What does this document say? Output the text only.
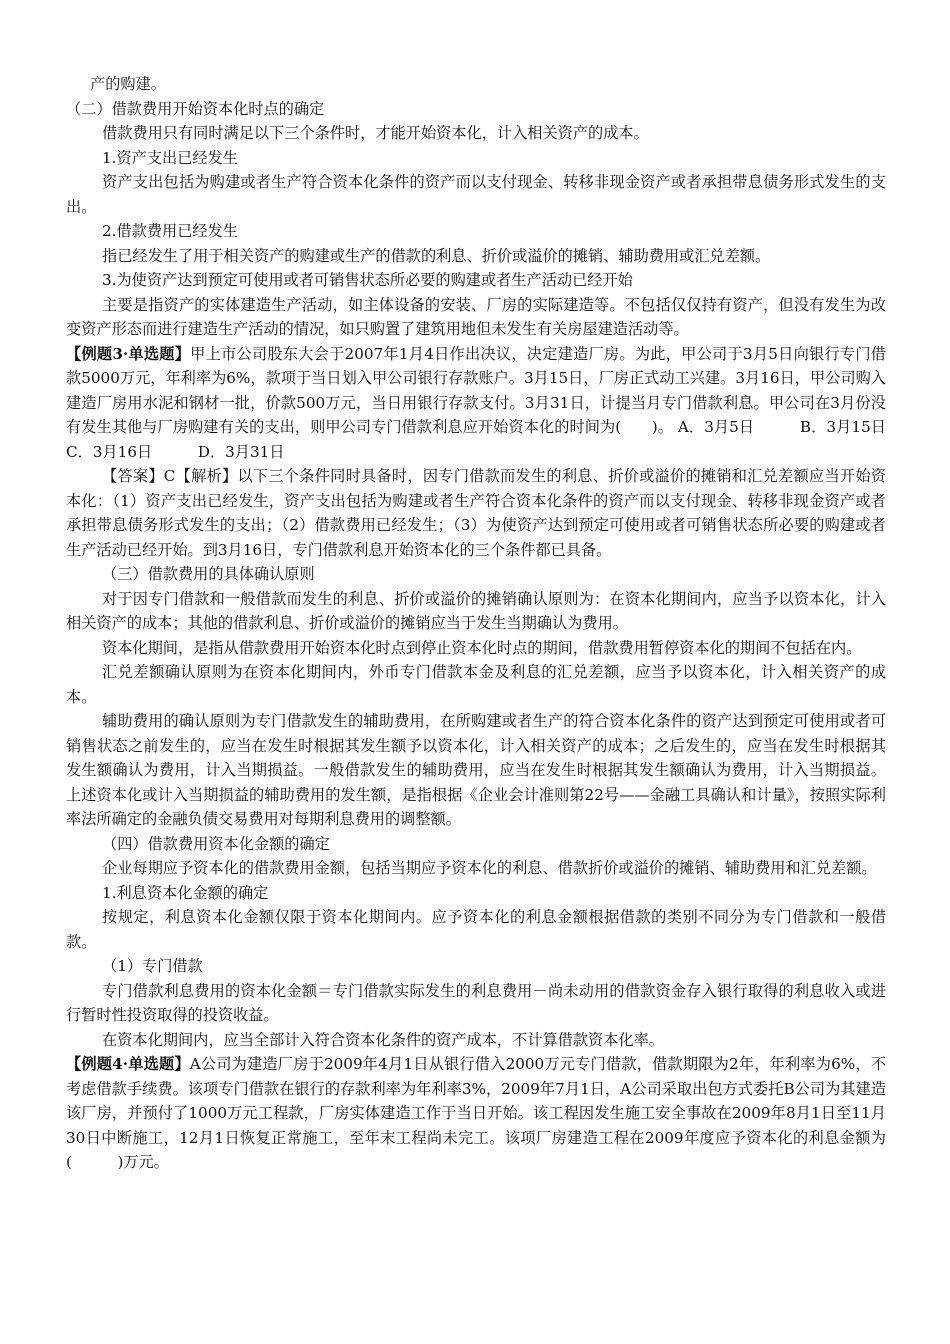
产的购建。

（二）借款费用开始资本化时点的确定

借款费用只有同时满足以下三个条件时，才能开始资本化，计入相关资产的成本。

1.资产支出已经发生

资产支出包括为购建或者生产符合资本化条件的资产而以支付现金、转移非现金资产或者承担带息债务形式发生的支出。

2.借款费用已经发生

指已经发生了用于相关资产的购建或生产的借款的利息、折价或溢价的摊销、辅助费用或汇兑差额。

3.为使资产达到预定可使用或者可销售状态所必要的购建或者生产活动已经开始

主要是指资产的实体建造生产活动，如主体设备的安装、厂房的实际建造等。不包括仅仅持有资产，但没有发生为改变资产形态而进行建造生产活动的情况，如只购置了建筑用地但未发生有关房屋建造活动等。

【例题3·单选题】甲上市公司股东大会于2007年1月4日作出决议，决定建造厂房。为此，甲公司于3月5日向银行专门借款5000万元，年利率为6%，款项于当日划入甲公司银行存款账户。3月15日，厂房正式动工兴建。3月16日，甲公司购入建造厂房用水泥和钢材一批，价款500万元，当日用银行存款支付。3月31日，计提当月专门借款利息。甲公司在3月份没有发生其他与厂房购建有关的支出，则甲公司专门借款利息应开始资本化的时间为(　　)。 A．3月5日　　　B．3月15日　　　C．3月16日　　　D．3月31日

【答案】C【解析】以下三个条件同时具备时，因专门借款而发生的利息、折价或溢价的摊销和汇兑差额应当开始资本化：（1）资产支出已经发生，资产支出包括为购建或者生产符合资本化条件的资产而以支付现金、转移非现金资产或者承担带息债务形式发生的支出；（2）借款费用已经发生；（3）为使资产达到预定可使用或者可销售状态所必要的购建或者生产活动已经开始。到3月16日，专门借款利息开始资本化的三个条件都已具备。

（三）借款费用的具体确认原则

对于因专门借款和一般借款而发生的利息、折价或溢价的摊销确认原则为：在资本化期间内，应当予以资本化，计入相关资产的成本；其他的借款利息、折价或溢价的摊销应当于发生当期确认为费用。

资本化期间，是指从借款费用开始资本化时点到停止资本化时点的期间，借款费用暂停资本化的期间不包括在内。

汇兑差额确认原则为在资本化期间内，外币专门借款本金及利息的汇兑差额，应当予以资本化，计入相关资产的成本。

辅助费用的确认原则为专门借款发生的辅助费用，在所购建或者生产的符合资本化条件的资产达到预定可使用或者可销售状态之前发生的，应当在发生时根据其发生额予以资本化，计入相关资产的成本；之后发生的，应当在发生时根据其发生额确认为费用，计入当期损益。一般借款发生的辅助费用，应当在发生时根据其发生额确认为费用，计入当期损益。上述资本化或计入当期损益的辅助费用的发生额，是指根据《企业会计准则第22号——金融工具确认和计量》，按照实际利率法所确定的金融负债交易费用对每期利息费用的调整额。

（四）借款费用资本化金额的确定

企业每期应予资本化的借款费用金额，包括当期应予资本化的利息、借款折价或溢价的摊销、辅助费用和汇兑差额。

1.利息资本化金额的确定

按规定，利息资本化金额仅限于资本化期间内。应予资本化的利息金额根据借款的类别不同分为专门借款和一般借款。

（1）专门借款

专门借款利息费用的资本化金额＝专门借款实际发生的利息费用－尚未动用的借款资金存入银行取得的利息收入或进行暂时性投资取得的投资收益。

在资本化期间内，应当全部计入符合资本化条件的资产成本，不计算借款资本化率。

【例题4·单选题】A公司为建造厂房于2009年4月1日从银行借入2000万元专门借款，借款期限为2年，年利率为6%，不考虑借款手续费。该项专门借款在银行的存款利率为年利率3%，2009年7月1日，A公司采取出包方式委托B公司为其建造该厂房，并预付了1000万元工程款，厂房实体建造工作于当日开始。该工程因发生施工安全事故在2009年8月1日至11月30日中断施工，12月1日恢复正常施工，至年末工程尚未完工。该项厂房建造工程在2009年度应予资本化的利息金额为(　　　)万元。
